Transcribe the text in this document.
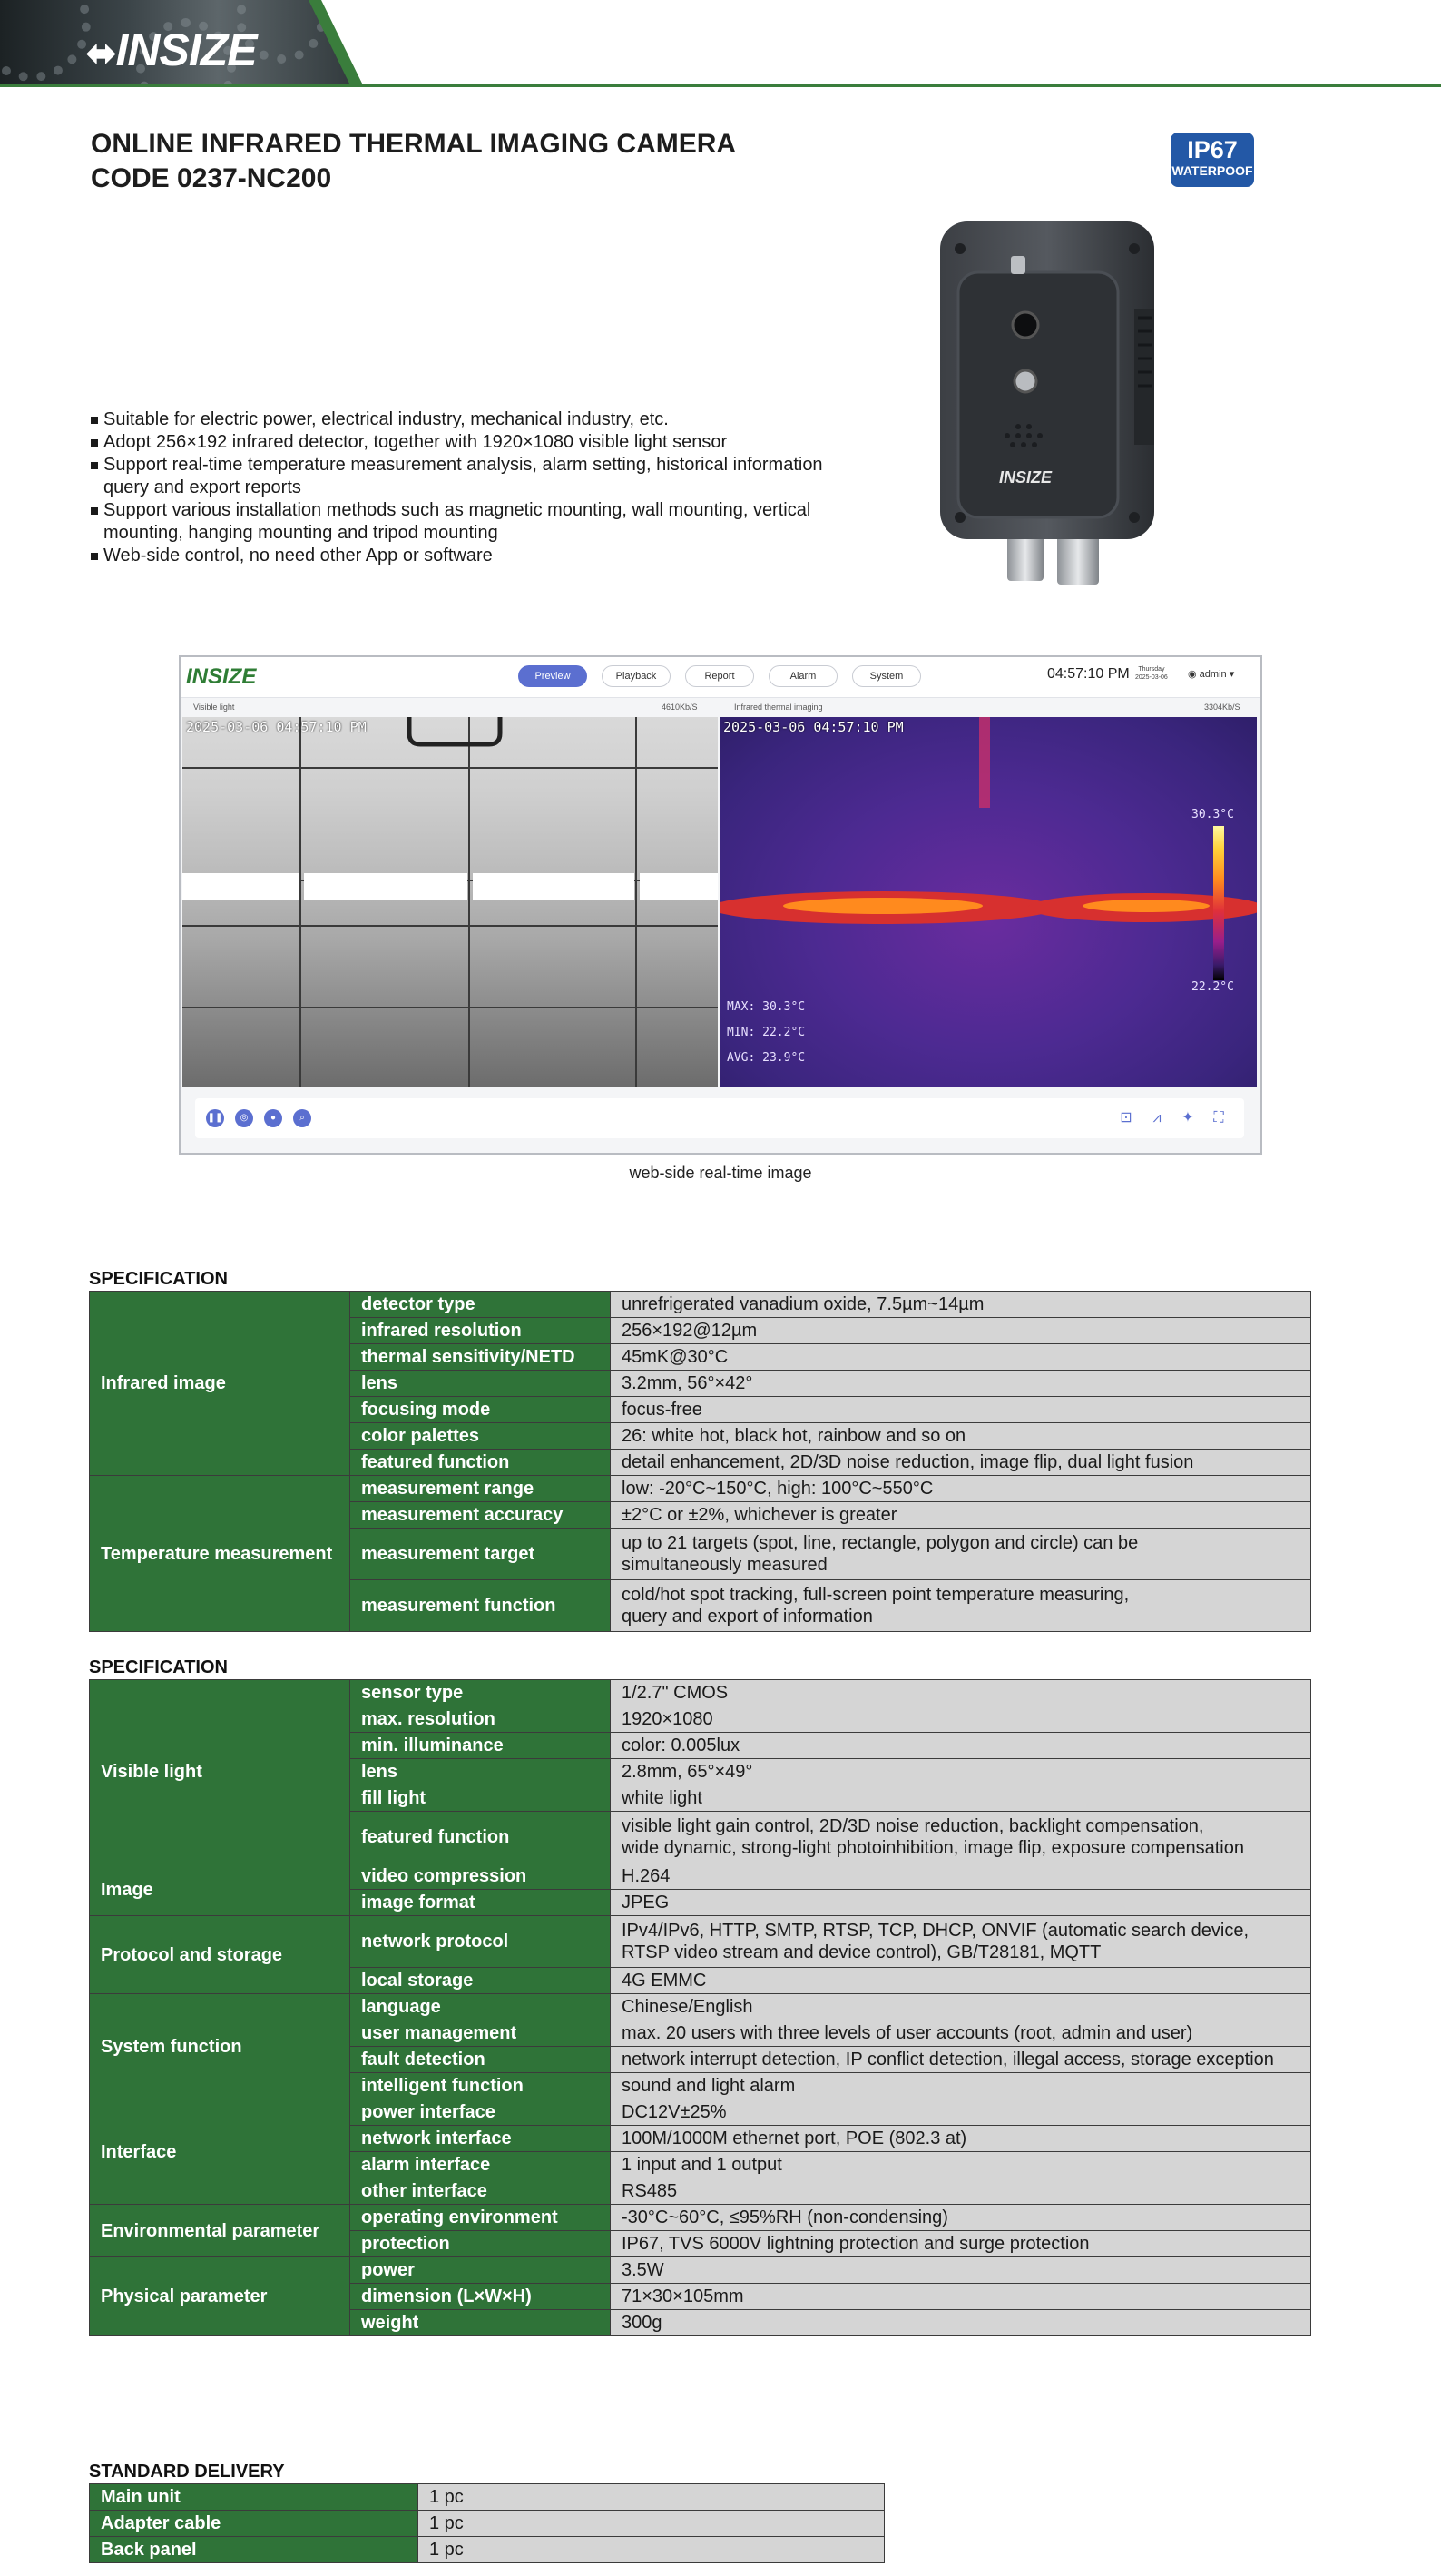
⬌INSIZE
ONLINE INFRARED THERMAL IMAGING CAMERA
CODE 0237-NC200
IP67
WATERPOOF
INSIZE
Suitable for electric power, electrical industry, mechanical industry, etc.
Adopt 256×192 infrared detector, together with 1920×1080 visible light sensor
Support real-time temperature measurement analysis, alarm setting, historical information query and export reports
Support various installation methods such as magnetic mounting, wall mounting, vertical mounting, hanging mounting and tripod mounting
Web-side control, no need other App or software
INSIZE	Preview	Playback	Report	Alarm	System	04:57:10 PM	Thursday
2025-03-06 ◉ admin ▾
Visible light	4610Kb/S	Infrared thermal imaging	3304Kb/S
2025-03-06 04:57:10 PM	2025-03-06 04:57:10 PM
30.3°C
22.2°C
MAX: 30.3°C
MIN: 22.2°C
AVG: 23.9°C
❚❚	◎	●	⌕	⊡	⩘	✦ ⛶
web-side real-time image
SPECIFICATION
Infrared image	detector type	unrefrigerated vanadium oxide, 7.5µm~14µm

	infrared resolution	256×192@12µm

	thermal sensitivity/NETD	45mK@30°C

	lens	3.2mm, 56°×42°

	focusing mode	focus-free

	color palettes	26: white hot, black hot, rainbow and so on

	featured function	detail enhancement, 2D/3D noise reduction, image flip, dual light fusion

Temperature measurement	measurement range	low: -20°C~150°C, high: 100°C~550°C

	measurement accuracy	±2°C or ±2%, whichever is greater

	measurement target	up to 21 targets (spot, line, rectangle, polygon and circle) can be
simultaneously measured

	measurement function	cold/hot spot tracking, full-screen point temperature measuring,
query and export of information
SPECIFICATION
Visible light	sensor type	1/2.7" CMOS

	max. resolution	1920×1080

	min. illuminance	color: 0.005lux

	lens	2.8mm, 65°×49°

	fill light	white light

	featured function	visible light gain control, 2D/3D noise reduction, backlight compensation,
wide dynamic, strong-light photoinhibition, image flip, exposure compensation

Image	video compression	H.264

	image format	JPEG

Protocol and storage	network protocol	IPv4/IPv6, HTTP, SMTP, RTSP, TCP, DHCP, ONVIF (automatic search device,
RTSP video stream and device control), GB/T28181, MQTT

	local storage	4G EMMC

System function	language	Chinese/English

	user management	max. 20 users with three levels of user accounts (root, admin and user)

	fault detection	network interrupt detection, IP conflict detection, illegal access, storage exception

	intelligent function	sound and light alarm

Interface	power interface	DC12V±25%

	network interface	100M/1000M ethernet port, POE (802.3 at)

	alarm interface	1 input and 1 output

	other interface	RS485

Environmental parameter	operating environment	-30°C~60°C, ≤95%RH (non-condensing)

	protection	IP67, TVS 6000V lightning protection and surge protection

Physical parameter	power	3.5W

	dimension (L×W×H)	71×30×105mm

	weight	300g
STANDARD DELIVERY
Main unit	1 pc
Adapter cable	1 pc
Back panel	1 pc
